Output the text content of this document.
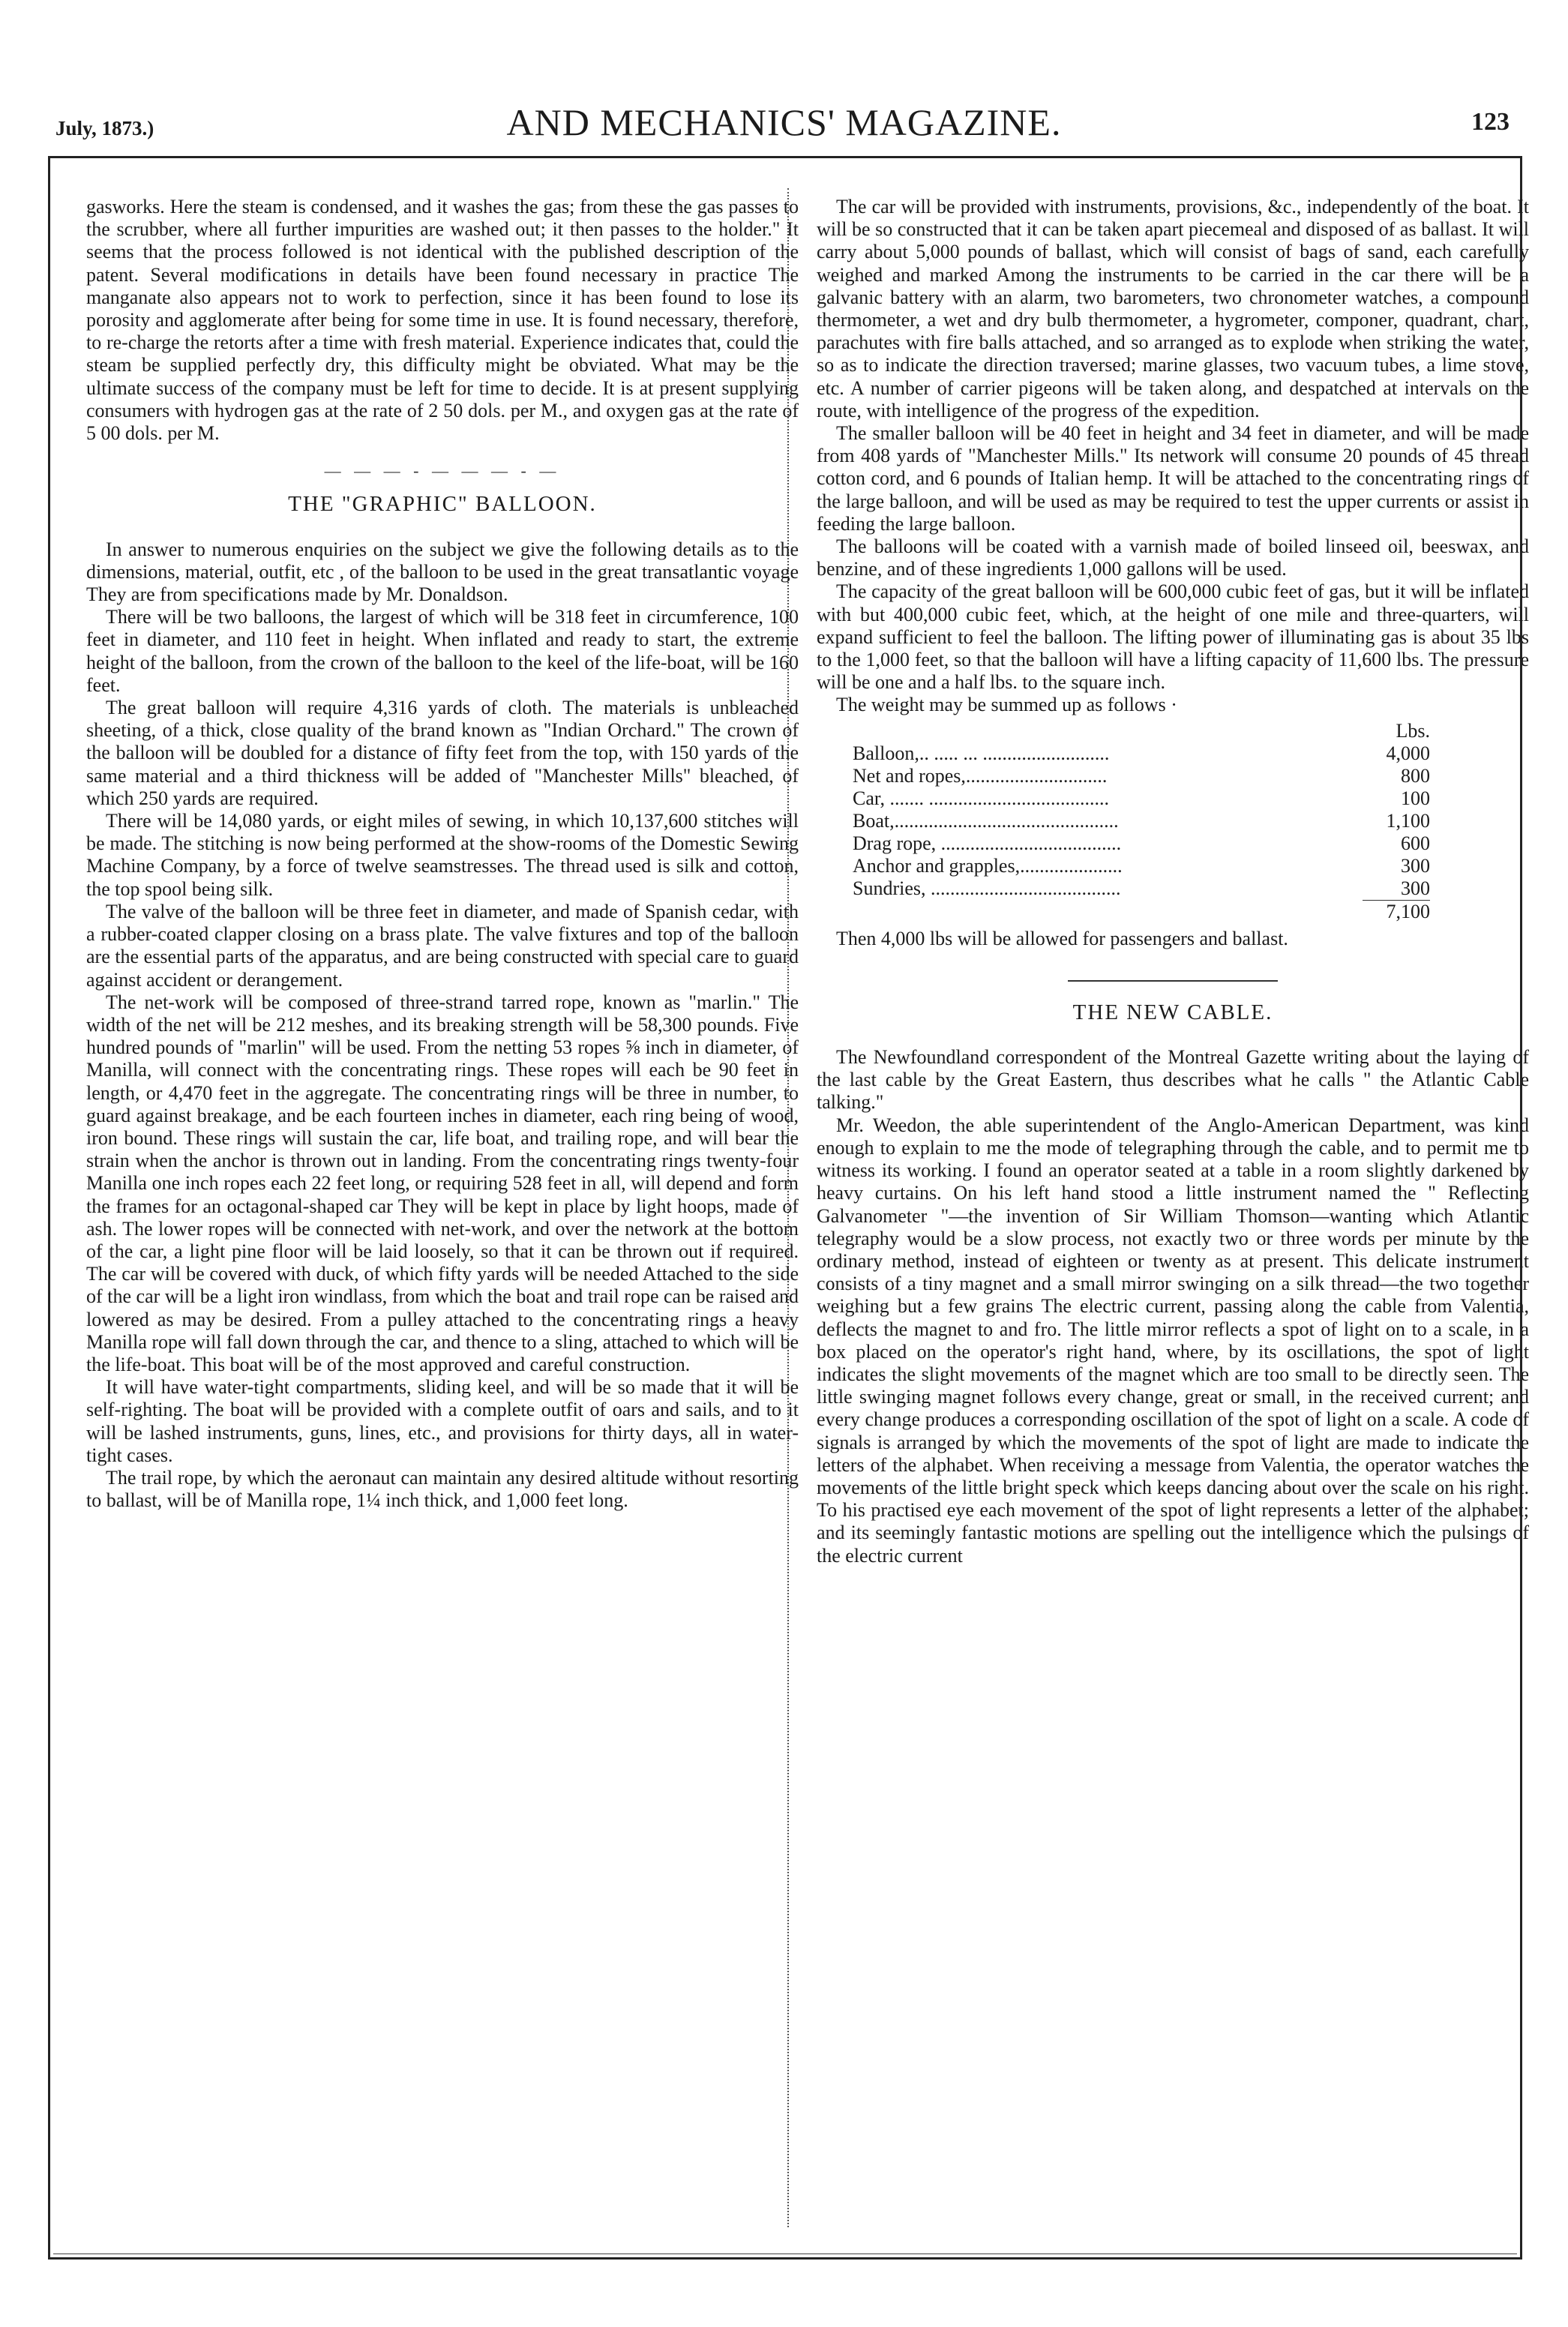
July, 1873.)	AND MECHANICS' MAGAZINE.	123

gasworks. Here the steam is condensed, and it washes the gas; from these the gas passes to the scrubber, where all further impurities are washed out; it then passes to the holder." It seems that the process followed is not identical with the published description of the patent. Several modifications in details have been found necessary in practice The manganate also appears not to work to perfection, since it has been found to lose its porosity and agglomerate after being for some time in use. It is found necessary, therefore, to re-charge the retorts after a time with fresh material. Experience indicates that, could the steam be supplied perfectly dry, this difficulty might be obviated. What may be the ultimate success of the company must be left for time to decide. It is at present supplying consumers with hydrogen gas at the rate of 2 50 dols. per M., and oxygen gas at the rate of 5 00 dols. per M.

— — — - — — — - —
THE "GRAPHIC" BALLOON.

In answer to numerous enquiries on the subject we give the following details as to the dimensions, material, outfit, etc , of the balloon to be used in the great transatlantic voyage They are from specifications made by Mr. Donaldson.

There will be two balloons, the largest of which will be 318 feet in circumference, 100 feet in diameter, and 110 feet in height. When inflated and ready to start, the extreme height of the balloon, from the crown of the balloon to the keel of the life-boat, will be 160 feet.

The great balloon will require 4,316 yards of cloth. The materials is unbleached sheeting, of a thick, close quality of the brand known as "Indian Orchard." The crown of the balloon will be doubled for a distance of fifty feet from the top, with 150 yards of the same material and a third thickness will be added of "Manchester Mills" bleached, of which 250 yards are required.

There will be 14,080 yards, or eight miles of sewing, in which 10,137,600 stitches will be made. The stitching is now being performed at the show-rooms of the Domestic Sewing Machine Company, by a force of twelve seamstresses. The thread used is silk and cotton, the top spool being silk.

The valve of the balloon will be three feet in diameter, and made of Spanish cedar, with a rubber-coated clapper closing on a brass plate. The valve fixtures and top of the balloon are the essential parts of the apparatus, and are being constructed with special care to guard against accident or derangement.

The net-work will be composed of three-strand tarred rope, known as "marlin." The width of the net will be 212 meshes, and its breaking strength will be 58,300 pounds. Five hundred pounds of "marlin" will be used. From the netting 53 ropes ⅝ inch in diameter, of Manilla, will connect with the concentrating rings. These ropes will each be 90 feet in length, or 4,470 feet in the aggregate. The concentrating rings will be three in number, to guard against breakage, and be each fourteen inches in diameter, each ring being of wood, iron bound. These rings will sustain the car, life boat, and trailing rope, and will bear the strain when the anchor is thrown out in landing. From the concentrating rings twenty-four Manilla one inch ropes each 22 feet long, or requiring 528 feet in all, will depend and form the frames for an octagonal-shaped car They will be kept in place by light hoops, made of ash. The lower ropes will be connected with net-work, and over the network at the bottom of the car, a light pine floor will be laid loosely, so that it can be thrown out if required. The car will be covered with duck, of which fifty yards will be needed Attached to the side of the car will be a light iron windlass, from which the boat and trail rope can be raised and lowered as may be desired. From a pulley attached to the concentrating rings a heavy Manilla rope will fall down through the car, and thence to a sling, attached to which will be the life-boat. This boat will be of the most approved and careful construction.

It will have water-tight compartments, sliding keel, and will be so made that it will be self-righting. The boat will be provided with a complete outfit of oars and sails, and to it will be lashed instruments, guns, lines, etc., and provisions for thirty days, all in water-tight cases.

The trail rope, by which the aeronaut can maintain any desired altitude without resorting to ballast, will be of Manilla rope, 1¼ inch thick, and 1,000 feet long.

The car will be provided with instruments, provisions, &c., independently of the boat. It will be so constructed that it can be taken apart piecemeal and disposed of as ballast. It will carry about 5,000 pounds of ballast, which will consist of bags of sand, each carefully weighed and marked Among the instruments to be carried in the car there will be a galvanic battery with an alarm, two barometers, two chronometer watches, a compound thermometer, a wet and dry bulb thermometer, a hygrometer, componer, quadrant, chart, parachutes with fire balls attached, and so arranged as to explode when striking the water, so as to indicate the direction traversed; marine glasses, two vacuum tubes, a lime stove, etc. A number of carrier pigeons will be taken along, and despatched at intervals on the route, with intelligence of the progress of the expedition.

The smaller balloon will be 40 feet in height and 34 feet in diameter, and will be made from 408 yards of "Manchester Mills." Its network will consume 20 pounds of 45 thread cotton cord, and 6 pounds of Italian hemp. It will be attached to the concentrating rings of the large balloon, and will be used as may be required to test the upper currents or assist in feeding the large balloon.

The balloons will be coated with a varnish made of boiled linseed oil, beeswax, and benzine, and of these ingredients 1,000 gallons will be used.

The capacity of the great balloon will be 600,000 cubic feet of gas, but it will be inflated with but 400,000 cubic feet, which, at the height of one mile and three-quarters, will expand sufficient to feel the balloon. The lifting power of illuminating gas is about 35 lbs to the 1,000 feet, so that the balloon will have a lifting capacity of 11,600 lbs. The pressure will be one and a half lbs. to the square inch.

The weight may be summed up as follows ·

	Lbs.
Balloon,.. ..... ... ..........................	4,000
Net and ropes,.............................	800
Car, ....... .....................................	100
Boat,..............................................	1,100
Drag rope, .....................................	600
Anchor and grapples,.....................	300
Sundries, .......................................	300
	7,100

Then 4,000 lbs will be allowed for passengers and ballast.

THE NEW CABLE.

The Newfoundland correspondent of the Montreal Gazette writing about the laying of the last cable by the Great Eastern, thus describes what he calls " the Atlantic Cable talking."

Mr. Weedon, the able superintendent of the Anglo-American Department, was kind enough to explain to me the mode of telegraphing through the cable, and to permit me to witness its working. I found an operator seated at a table in a room slightly darkened by heavy curtains. On his left hand stood a little instrument named the " Reflecting Galvanometer "—the invention of Sir William Thomson—wanting which Atlantic telegraphy would be a slow process, not exactly two or three words per minute by the ordinary method, instead of eighteen or twenty as at present. This delicate instrument consists of a tiny magnet and a small mirror swinging on a silk thread—the two together weighing but a few grains The electric current, passing along the cable from Valentia, deflects the magnet to and fro. The little mirror reflects a spot of light on to a scale, in a box placed on the operator's right hand, where, by its oscillations, the spot of light indicates the slight movements of the magnet which are too small to be directly seen. The little swinging magnet follows every change, great or small, in the received current; and every change produces a corresponding oscillation of the spot of light on a scale. A code of signals is arranged by which the movements of the spot of light are made to indicate the letters of the alphabet. When receiving a message from Valentia, the operator watches the movements of the little bright speck which keeps dancing about over the scale on his right. To his practised eye each movement of the spot of light represents a letter of the alphabet; and its seemingly fantastic motions are spelling out the intelligence which the pulsings of the electric current
